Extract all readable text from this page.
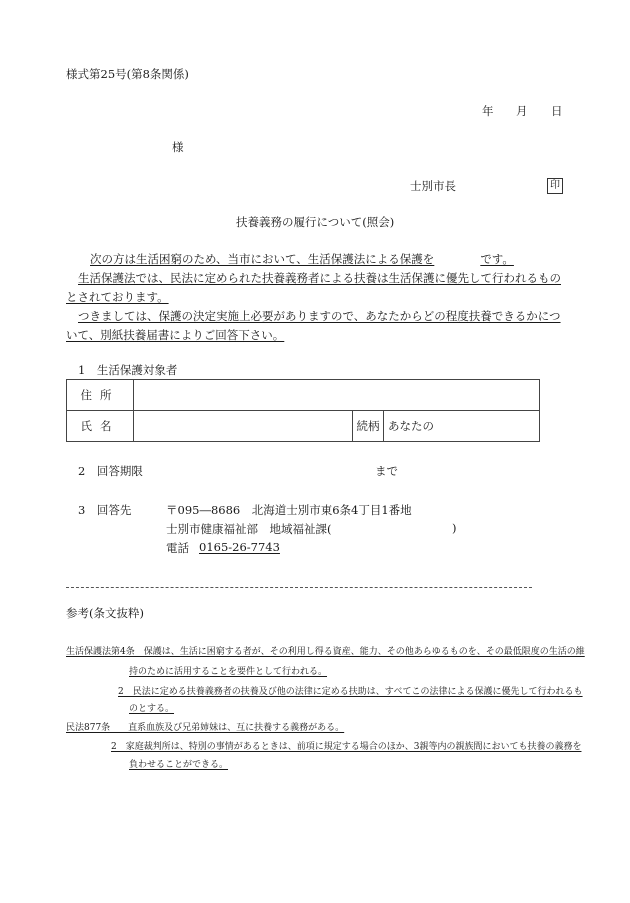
様式第25号(第8条関係)
年 月 日
様
士別市長	印
扶養義務の履行について(照会)
次の方は生活困窮のため、当市において、生活保護法による保護を	です。
生活保護法では、民法に定められた扶養義務者による扶養は生活保護に優先して行われるもの
とされております。
つきましては、保護の決定実施上必要がありますので、あなたからどの程度扶養できるかにつ
いて、別紙扶養届書によりご回答下さい。
1　生活保護対象者
住所			
氏名		続柄	あなたの
2　回答期限	まで
3　回答先	〒095―8686　北海道士別市東6条4丁目1番地
士別市健康福祉部　地域福祉課(	)
電話 0165-26-7743
参考(条文抜粋)
生活保護法第4条　保護は、生活に困窮する者が、その利用し得る資産、能力、その他あらゆるものを、その最低限度の生活の維
持のために活用することを要件として行われる。
2　民法に定める扶養義務者の扶養及び他の法律に定める扶助は、すべてこの法律による保護に優先して行われるも
のとする。
民法877条　　直系血族及び兄弟姉妹は、互に扶養する義務がある。
2　家庭裁判所は、特別の事情があるときは、前項に規定する場合のほか、3親等内の親族間においても扶養の義務を
負わせることができる。
